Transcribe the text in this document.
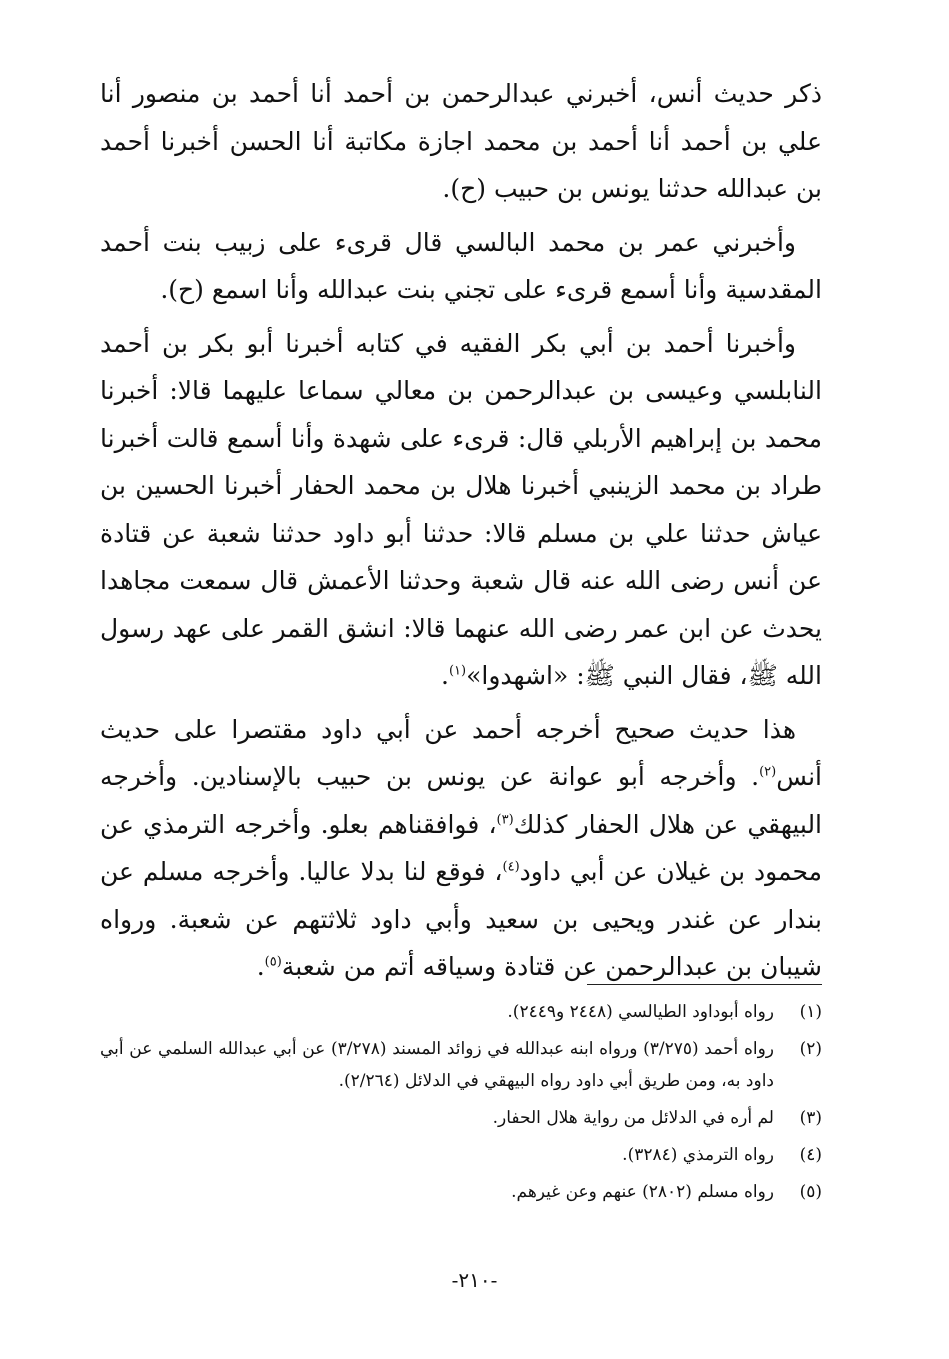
ذكر حديث أنس، أخبرني عبدالرحمن بن أحمد أنا أحمد بن منصور أنا علي بن أحمد أنا أحمد بن محمد اجازة مكاتبة أنا الحسن أخبرنا أحمد بن عبدالله حدثنا يونس بن حبيب (ح).

وأخبرني عمر بن محمد البالسي قال قرىء على زبيب بنت أحمد المقدسية وأنا أسمع قرىء على تجني بنت عبدالله وأنا اسمع (ح).

وأخبرنا أحمد بن أبي بكر الفقيه في كتابه أخبرنا أبو بكر بن أحمد النابلسي وعيسى بن عبدالرحمن بن معالي سماعا عليهما قالا: أخبرنا محمد بن إبراهيم الأربلي قال: قرىء على شهدة وأنا أسمع قالت أخبرنا طراد بن محمد الزينبي أخبرنا هلال بن محمد الحفار أخبرنا الحسين بن عياش حدثنا علي بن مسلم قالا: حدثنا أبو داود حدثنا شعبة عن قتادة عن أنس رضى الله عنه قال شعبة وحدثنا الأعمش قال سمعت مجاهدا يحدث عن ابن عمر رضى الله عنهما قالا: انشق القمر على عهد رسول الله ﷺ، فقال النبي ﷺ: «اشهدوا»$^{(١)}$.

هذا حديث صحيح أخرجه أحمد عن أبي داود مقتصرا على حديث أنس$^{(٢)}$. وأخرجه أبو عوانة عن يونس بن حبيب بالإسنادين. وأخرجه البيهقي عن هلال الحفار كذلك$^{(٣)}$، فوافقناهم بعلو. وأخرجه الترمذي عن محمود بن غيلان عن أبي داود$^{(٤)}$، فوقع لنا بدلا عاليا. وأخرجه مسلم عن بندار عن غندر ويحيى بن سعيد وأبي داود ثلاثتهم عن شعبة. ورواه شيبان بن عبدالرحمن عن قتادة وسياقه أتم من شعبة$^{(٥)}$.

(١)
رواه أبوداود الطيالسي (٢٤٤٨ و٢٤٤٩).
(٢)
رواه أحمد (٣/٢٧٥) ورواه ابنه عبدالله في زوائد المسند (٣/٢٧٨) عن أبي عبدالله السلمي عن أبي داود به، ومن طريق أبي داود رواه البيهقي في الدلائل (٢/٢٦٤).
(٣)
لم أره في الدلائل من رواية هلال الحفار.
(٤)
رواه الترمذي (٣٢٨٤).
(٥)
رواه مسلم (٢٨٠٢) عنهم وعن غيرهم.
-٢١٠-
